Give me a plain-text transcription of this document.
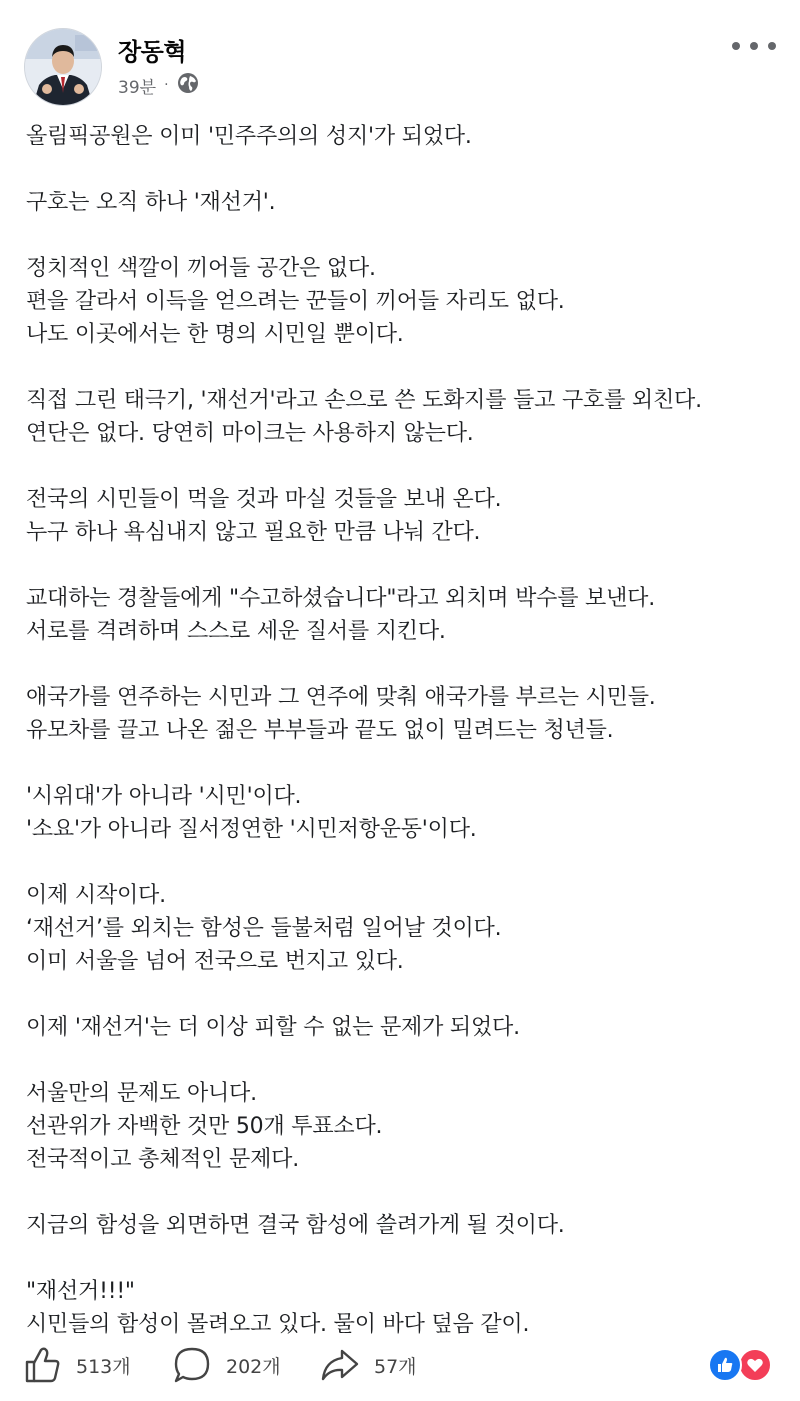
장동혁
39분 ·
올림픽공원은 이미 '민주주의의 성지'가 되었다.
구호는 오직 하나 '재선거'.
정치적인 색깔이 끼어들 공간은 없다.
편을 갈라서 이득을 얻으려는 꾼들이 끼어들 자리도 없다.
나도 이곳에서는 한 명의 시민일 뿐이다.
직접 그린 태극기, '재선거'라고 손으로 쓴 도화지를 들고 구호를 외친다.
연단은 없다. 당연히 마이크는 사용하지 않는다.
전국의 시민들이 먹을 것과 마실 것들을 보내 온다.
누구 하나 욕심내지 않고 필요한 만큼 나눠 간다.
교대하는 경찰들에게 "수고하셨습니다"라고 외치며 박수를 보낸다.
서로를 격려하며 스스로 세운 질서를 지킨다.
애국가를 연주하는 시민과 그 연주에 맞춰 애국가를 부르는 시민들.
유모차를 끌고 나온 젊은 부부들과 끝도 없이 밀려드는 청년들.
'시위대'가 아니라 '시민'이다.
'소요'가 아니라 질서정연한 '시민저항운동'이다.
이제 시작이다.
‘재선거’를 외치는 함성은 들불처럼 일어날 것이다.
이미 서울을 넘어 전국으로 번지고 있다.
이제 '재선거'는 더 이상 피할 수 없는 문제가 되었다.
서울만의 문제도 아니다.
선관위가 자백한 것만 50개 투표소다.
전국적이고 총체적인 문제다.
지금의 함성을 외면하면 결국 함성에 쓸려가게 될 것이다.
"재선거!!!"
시민들의 함성이 몰려오고 있다. 물이 바다 덮음 같이.
513개	202개	57개
